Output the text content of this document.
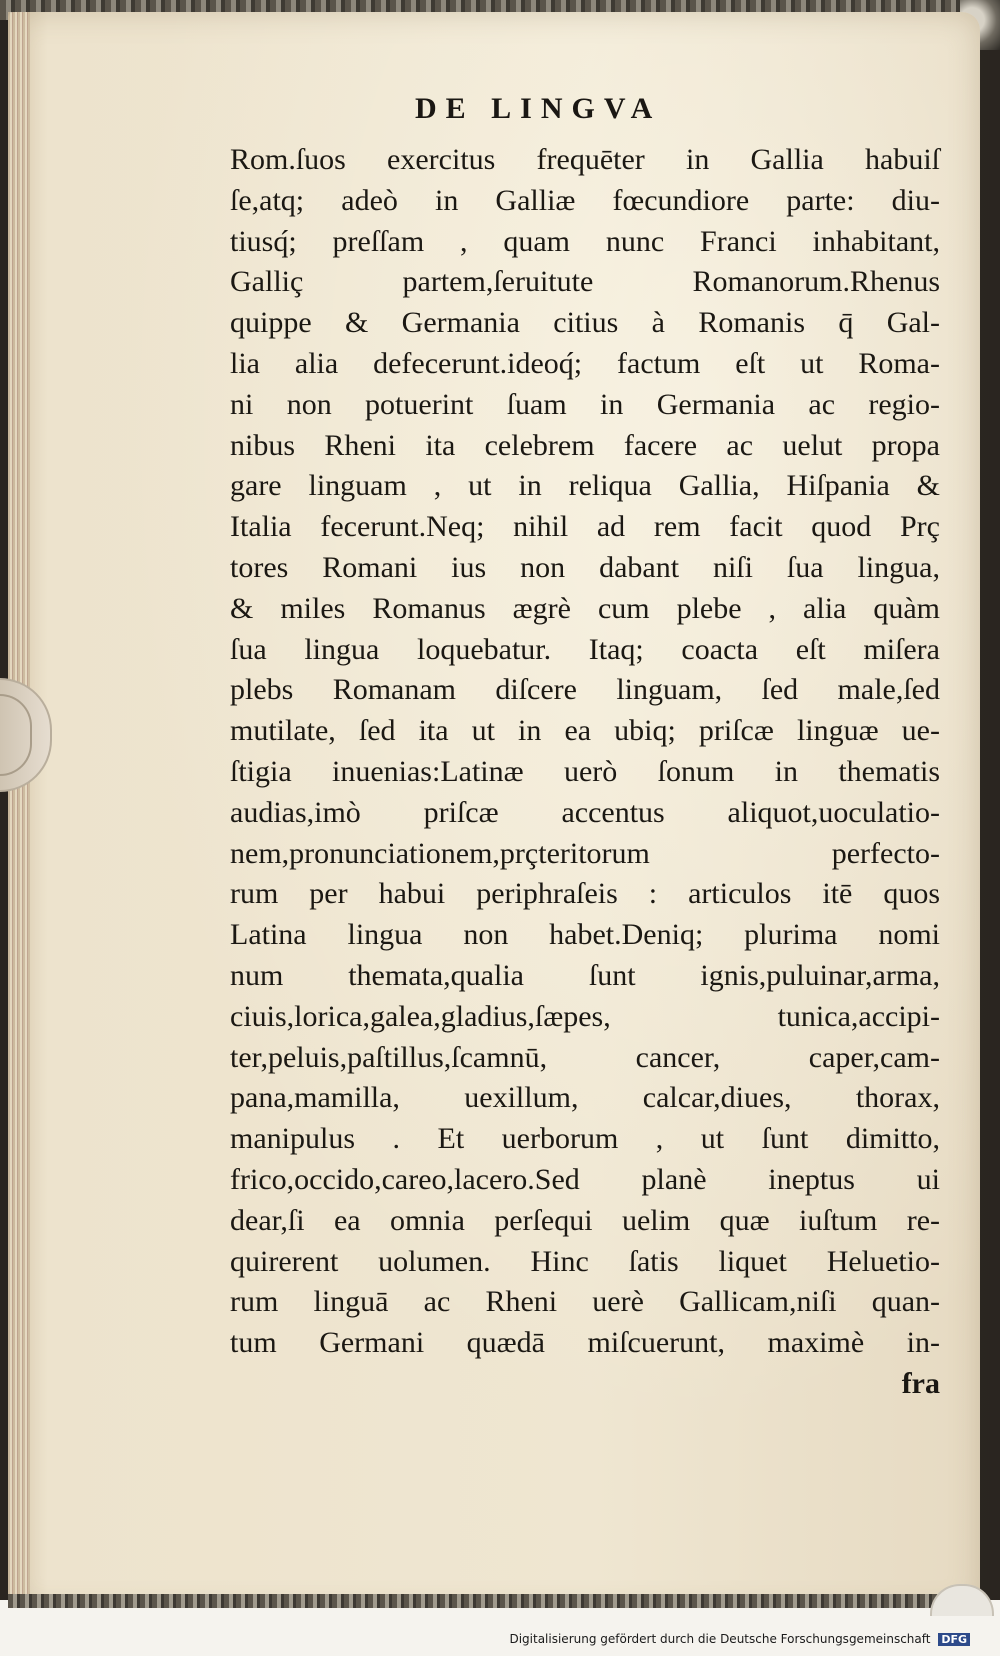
DE LINGVA
Rom.ſuos exercitus frequēter in Gallia habuiſ
ſe,atq; adeò in Galliæ fœcundiore parte: diu-
tiusq́; preſſam , quam nunc Franci inhabitant,
Galliç partem,ſeruitute Romanorum.Rhenus
quippe & Germania citius à Romanis q̄ Gal-
lia alia defecerunt.ideoq́; factum eſt ut Roma-
ni non potuerint ſuam in Germania ac regio-
nibus Rheni ita celebrem facere ac uelut propa
gare linguam , ut in reliqua Gallia, Hiſpania &
Italia fecerunt.Neq; nihil ad rem facit quod Prç
tores Romani ius non dabant niſi ſua lingua,
& miles Romanus ægrè cum plebe , alia quàm
ſua lingua loquebatur. Itaq; coacta eſt miſera
plebs Romanam diſcere linguam, ſed male,ſed
mutilate, ſed ita ut in ea ubiq; priſcæ linguæ ue-
ſtigia inuenias:Latinæ uerò ſonum in thematis
audias,imò priſcæ accentus aliquot,uoculatio-
nem,pronunciationem,prçteritorum perfecto-
rum per habui periphraſeis : articulos itē quos
Latina lingua non habet.Deniq; plurima nomi
num themata,qualia ſunt ignis,puluinar,arma,
ciuis,lorica,galea,gladius,ſæpes, tunica,accipi-
ter,peluis,paſtillus,ſcamnū, cancer, caper,cam-
pana,mamilla, uexillum, calcar,diues, thorax,
manipulus . Et uerborum , ut ſunt dimitto,
frico,occido,careo,lacero.Sed planè ineptus ui
dear,ſi ea omnia perſequi uelim quæ iuſtum re-
quirerent uolumen. Hinc ſatis liquet Heluetio-
rum linguā ac Rheni uerè Gallicam,niſi quan-
tum Germani quædā miſcuerunt, maximè in-
fra
Digitalisierung gefördert durch die Deutsche Forschungsgemeinschaft DFG
